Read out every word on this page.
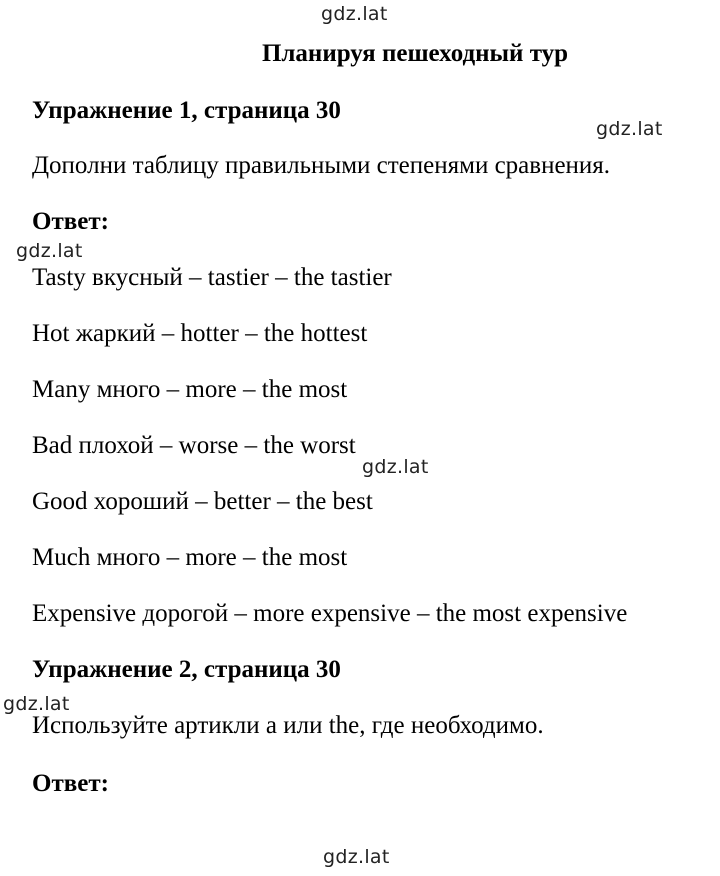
gdz.lat
Планируя пешеходный тур
Упражнение 1, страница 30
gdz.lat
Дополни таблицу правильными степенями сравнения.
Ответ:
gdz.lat
Tasty вкусный – tastier – the tastier
Hot жаркий – hotter – the hottest
Many много – more – the most
Bad плохой – worse – the worst
gdz.lat
Good хороший – better – the best
Much много – more – the most
Expensive дорогой – more expensive – the most expensive
Упражнение 2, страница 30
gdz.lat
Используйте артикли a или the, где необходимо.
Ответ:
gdz.lat
